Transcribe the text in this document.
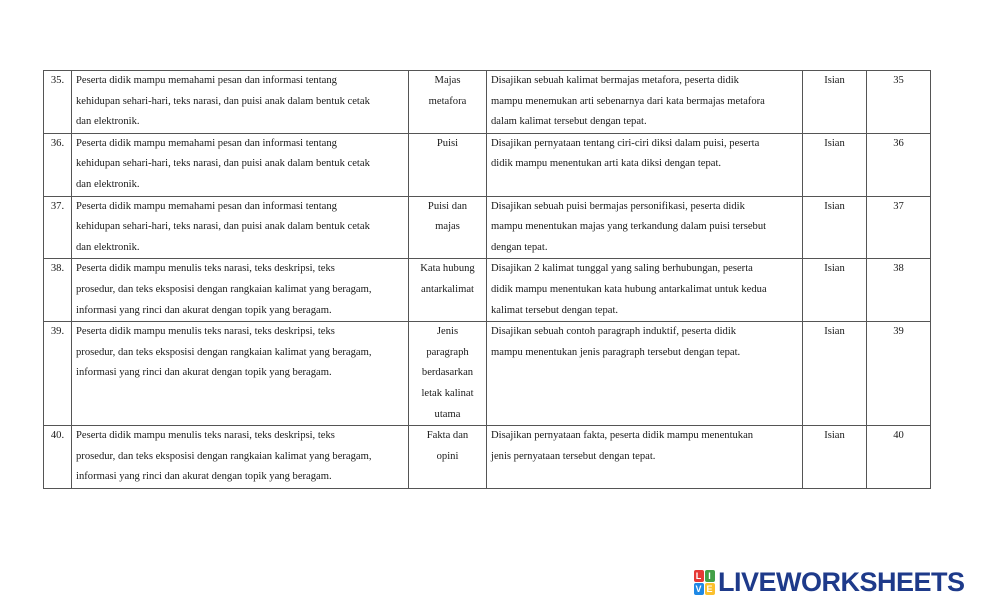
35.	Peserta didik mampu memahami pesan dan informasi tentang
kehidupan sehari-hari, teks narasi, dan puisi anak dalam bentuk cetak
dan elektronik.	Majas
metafora	Disajikan sebuah kalimat bermajas metafora, peserta didik
mampu menemukan arti sebenarnya dari kata bermajas metafora
dalam kalimat tersebut dengan tepat.	Isian	35
36.	Peserta didik mampu memahami pesan dan informasi tentang
kehidupan sehari-hari, teks narasi, dan puisi anak dalam bentuk cetak
dan elektronik.	Puisi	Disajikan pernyataan tentang ciri-ciri diksi dalam puisi, peserta
didik mampu menentukan arti kata diksi dengan tepat.	Isian	36
37.	Peserta didik mampu memahami pesan dan informasi tentang
kehidupan sehari-hari, teks narasi, dan puisi anak dalam bentuk cetak
dan elektronik.	Puisi dan
majas	Disajikan sebuah puisi bermajas personifikasi, peserta didik
mampu menentukan majas yang terkandung dalam puisi tersebut
dengan tepat.	Isian	37
38.	Peserta didik mampu menulis teks narasi, teks deskripsi, teks
prosedur, dan teks eksposisi dengan rangkaian kalimat yang beragam,
informasi yang rinci dan akurat dengan topik yang beragam.	Kata hubung
antarkalimat	Disajikan 2 kalimat tunggal yang saling berhubungan, peserta
didik mampu menentukan kata hubung antarkalimat untuk kedua
kalimat tersebut dengan tepat.	Isian	38
39.	Peserta didik mampu menulis teks narasi, teks deskripsi, teks
prosedur, dan teks eksposisi dengan rangkaian kalimat yang beragam,
informasi yang rinci dan akurat dengan topik yang beragam.	Jenis
paragraph
berdasarkan
letak kalinat
utama	Disajikan sebuah contoh paragraph induktif, peserta didik
mampu menentukan jenis paragraph tersebut dengan tepat.	Isian	39
40.	Peserta didik mampu menulis teks narasi, teks deskripsi, teks
prosedur, dan teks eksposisi dengan rangkaian kalimat yang beragam,
informasi yang rinci dan akurat dengan topik yang beragam.	Fakta dan
opini	Disajikan pernyataan fakta, peserta didik mampu menentukan
jenis pernyataan tersebut dengan tepat.	Isian	40
L I
V E LIVEWORKSHEETS
